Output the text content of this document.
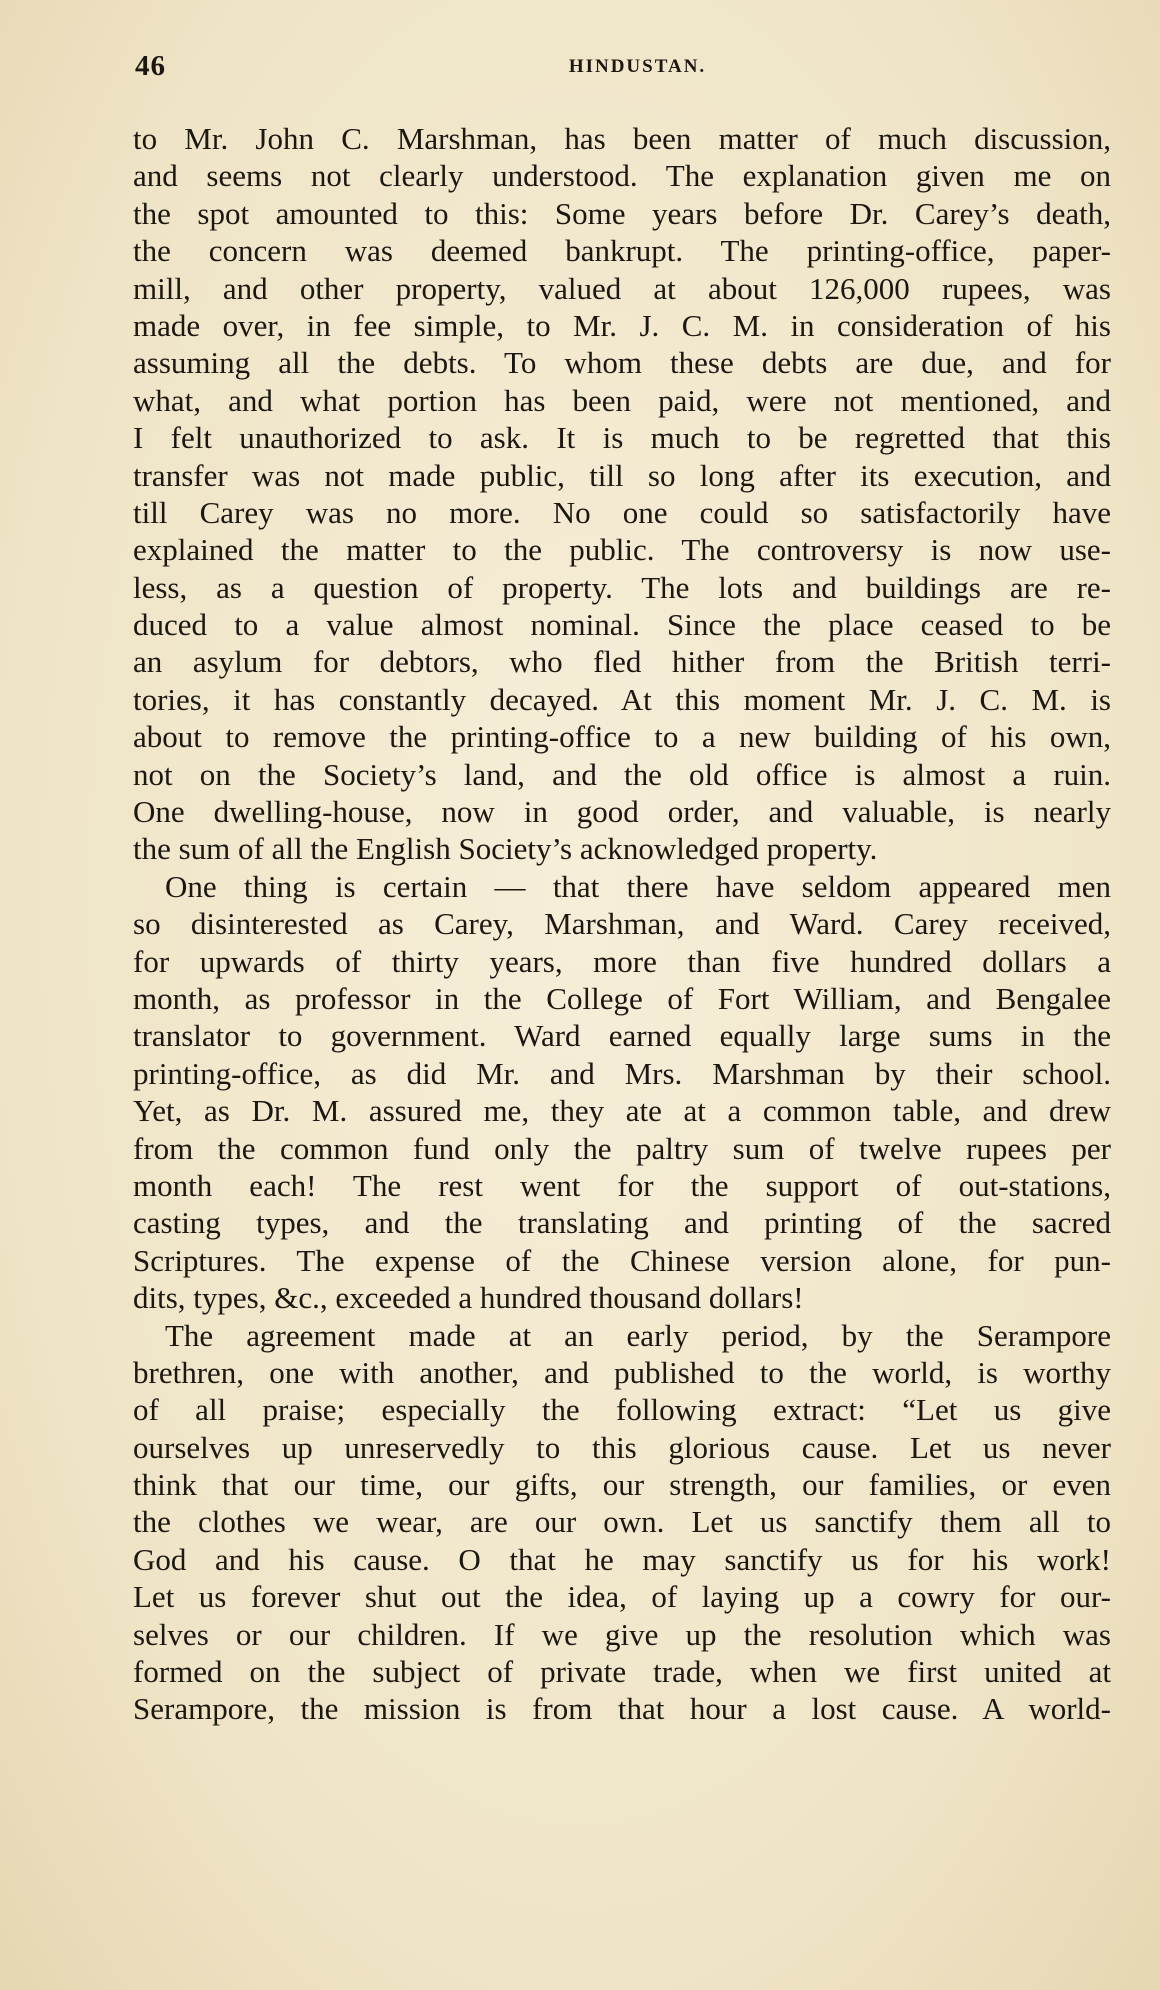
46	HINDUSTAN.
to Mr. John C. Marshman, has been matter of much discussion,
and seems not clearly understood. The explanation given me on
the spot amounted to this: Some years before Dr. Carey’s death,
the concern was deemed bankrupt. The printing-office, paper-
mill, and other property, valued at about 126,000 rupees, was
made over, in fee simple, to Mr. J. C. M. in consideration of his
assuming all the debts. To whom these debts are due, and for
what, and what portion has been paid, were not mentioned, and
I felt unauthorized to ask. It is much to be regretted that this
transfer was not made public, till so long after its execution, and
till Carey was no more. No one could so satisfactorily have
explained the matter to the public. The controversy is now use-
less, as a question of property. The lots and buildings are re-
duced to a value almost nominal. Since the place ceased to be
an asylum for debtors, who fled hither from the British terri-
tories, it has constantly decayed. At this moment Mr. J. C. M. is
about to remove the printing-office to a new building of his own,
not on the Society’s land, and the old office is almost a ruin.
One dwelling-house, now in good order, and valuable, is nearly
the sum of all the English Society’s acknowledged property.
One thing is certain — that there have seldom appeared men
so disinterested as Carey, Marshman, and Ward. Carey received,
for upwards of thirty years, more than five hundred dollars a
month, as professor in the College of Fort William, and Bengalee
translator to government. Ward earned equally large sums in the
printing-office, as did Mr. and Mrs. Marshman by their school.
Yet, as Dr. M. assured me, they ate at a common table, and drew
from the common fund only the paltry sum of twelve rupees per
month each! The rest went for the support of out-stations,
casting types, and the translating and printing of the sacred
Scriptures. The expense of the Chinese version alone, for pun-
dits, types, &c., exceeded a hundred thousand dollars!
The agreement made at an early period, by the Serampore
brethren, one with another, and published to the world, is worthy
of all praise; especially the following extract: “Let us give
ourselves up unreservedly to this glorious cause. Let us never
think that our time, our gifts, our strength, our families, or even
the clothes we wear, are our own. Let us sanctify them all to
God and his cause. O that he may sanctify us for his work!
Let us forever shut out the idea, of laying up a cowry for our-
selves or our children. If we give up the resolution which was
formed on the subject of private trade, when we first united at
Serampore, the mission is from that hour a lost cause. A world-
